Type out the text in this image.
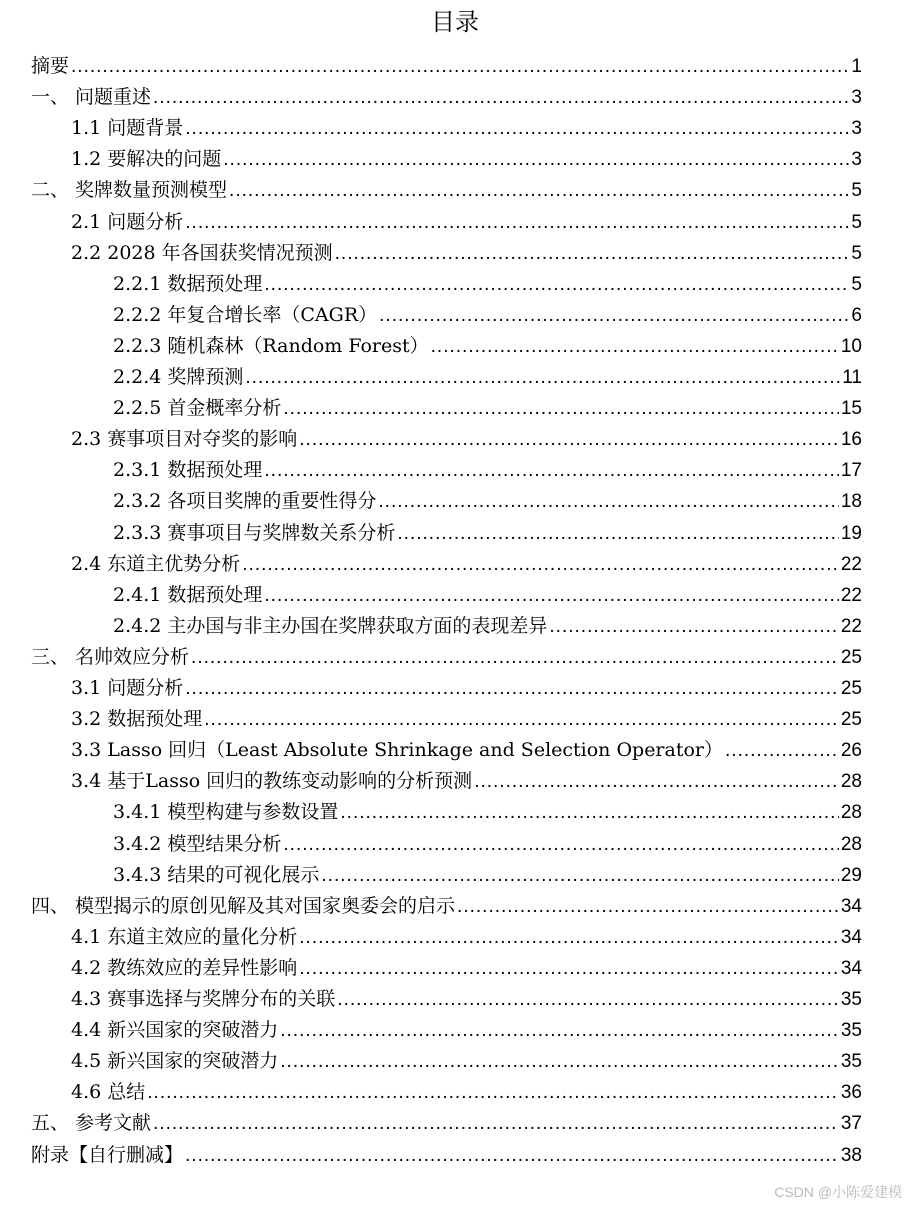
目录
摘要 .....	1
一、 问题重述 .....	3
1.1 问题背景 .....	3
1.2 要解决的问题 .....	3
二、 奖牌数量预测模型 .....	5
2.1 问题分析 .....	5
2.2 2028 年各国获奖情况预测 .....	5
2.2.1 数据预处理 .....	5
2.2.2 年复合增长率（CAGR） .....	6
2.2.3 随机森林（Random Forest） .....	10
2.2.4 奖牌预测 .....	11
2.2.5 首金概率分析 .....	15
2.3 赛事项目对夺奖的影响 .....	16
2.3.1 数据预处理 .....	17
2.3.2 各项目奖牌的重要性得分 .....	18
2.3.3 赛事项目与奖牌数关系分析 .....	19
2.4 东道主优势分析 .....	22
2.4.1 数据预处理 .....	22
2.4.2 主办国与非主办国在奖牌获取方面的表现差异 .....	22
三、 名帅效应分析 .....	25
3.1 问题分析 .....	25
3.2 数据预处理 .....	25
3.3 Lasso 回归（Least Absolute Shrinkage and Selection Operator） .....	26
3.4 基于Lasso 回归的教练变动影响的分析预测 .....	28
3.4.1 模型构建与参数设置 .....	28
3.4.2 模型结果分析 .....	28
3.4.3 结果的可视化展示 .....	29
四、 模型揭示的原创见解及其对国家奥委会的启示 .....	34
4.1 东道主效应的量化分析 .....	34
4.2 教练效应的差异性影响 .....	34
4.3 赛事选择与奖牌分布的关联 .....	35
4.4 新兴国家的突破潜力 .....	35
4.5 新兴国家的突破潜力 .....	35
4.6 总结 .....	36
五、 参考文献 .....	37
附录【自行删减】 .....	38
CSDN @小陈爱建模
